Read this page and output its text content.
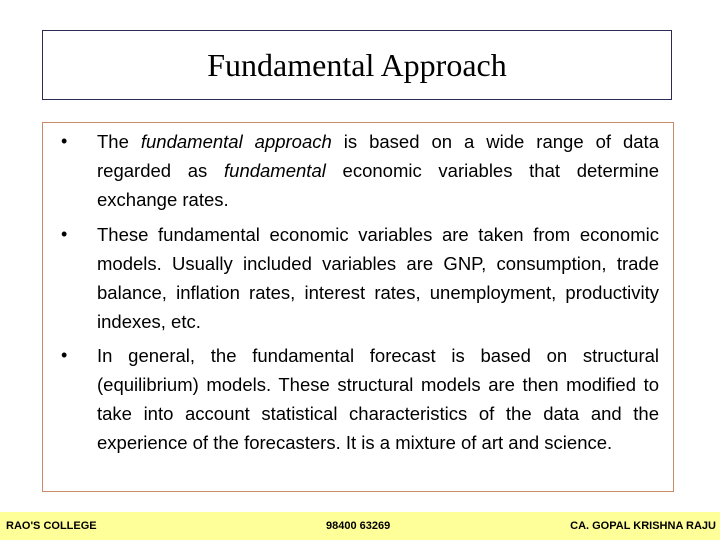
Fundamental Approach
• The fundamental approach is based on a wide range of data regarded as fundamental economic variables that determine exchange rates.
• These fundamental economic variables are taken from economic models. Usually included variables are GNP, consumption, trade balance, inflation rates, interest rates, unemployment, productivity indexes, etc.
• In general, the fundamental forecast is based on structural (equilibrium) models. These structural models are then modified to take into account statistical characteristics of the data and the experience of the forecasters. It is a mixture of art and science.
RAO'S COLLEGE	98400 63269	CA. GOPAL KRISHNA RAJU
